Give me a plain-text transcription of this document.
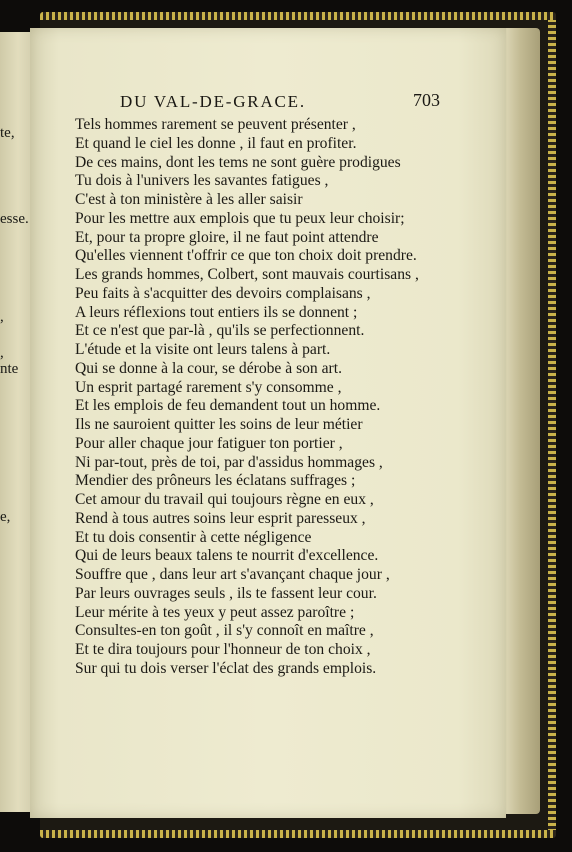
te,
esse.
,
,
nte
e,
DU VAL-DE-GRACE.	703
Tels hommes rarement se peuvent présenter ,
Et quand le ciel les donne , il faut en profiter.
De ces mains, dont les tems ne sont guère prodigues
Tu dois à l'univers les savantes fatigues ,
C'est à ton ministère à les aller saisir
Pour les mettre aux emplois que tu peux leur choisir;
Et, pour ta propre gloire, il ne faut point attendre
Qu'elles viennent t'offrir ce que ton choix doit prendre.
Les grands hommes, Colbert, sont mauvais courtisans ,
Peu faits à s'acquitter des devoirs complaisans ,
A leurs réflexions tout entiers ils se donnent ;
Et ce n'est que par-là , qu'ils se perfectionnent.
L'étude et la visite ont leurs talens à part.
Qui se donne à la cour, se dérobe à son art.
Un esprit partagé rarement s'y consomme ,
Et les emplois de feu demandent tout un homme.
Ils ne sauroient quitter les soins de leur métier
Pour aller chaque jour fatiguer ton portier ,
Ni par-tout, près de toi, par d'assidus hommages ,
Mendier des prôneurs les éclatans suffrages ;
Cet amour du travail qui toujours règne en eux ,
Rend à tous autres soins leur esprit paresseux ,
Et tu dois consentir à cette négligence
Qui de leurs beaux talens te nourrit d'excellence.
Souffre que , dans leur art s'avançant chaque jour ,
Par leurs ouvrages seuls , ils te fassent leur cour.
Leur mérite à tes yeux y peut assez paroître ;
Consultes-en ton goût , il s'y connoît en maître ,
Et te dira toujours pour l'honneur de ton choix ,
Sur qui tu dois verser l'éclat des grands emplois.
